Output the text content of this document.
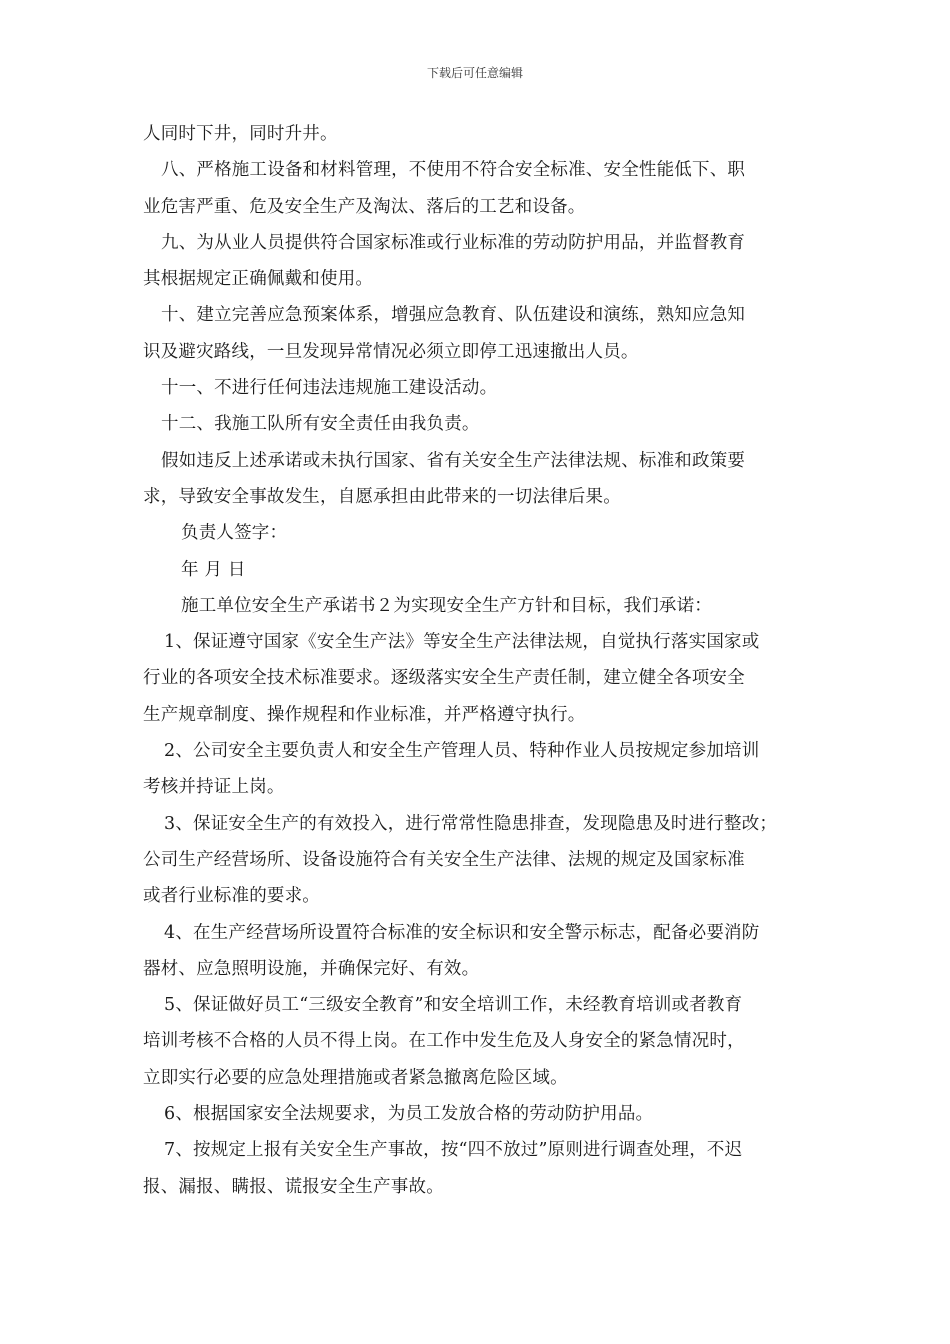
下载后可任意编辑
人同时下井，同时升井。
八、严格施工设备和材料管理，不使用不符合安全标准、安全性能低下、职
业危害严重、危及安全生产及淘汰、落后的工艺和设备。
九、为从业人员提供符合国家标准或行业标准的劳动防护用品，并监督教育
其根据规定正确佩戴和使用。
十、建立完善应急预案体系，增强应急教育、队伍建设和演练，熟知应急知
识及避灾路线，一旦发现异常情况必须立即停工迅速撤出人员。
十一、不进行任何违法违规施工建设活动。
十二、我施工队所有安全责任由我负责。
假如违反上述承诺或未执行国家、省有关安全生产法律法规、标准和政策要
求，导致安全事故发生，自愿承担由此带来的一切法律后果。
负责人签字：
年 月 日
施工单位安全生产承诺书２为实现安全生产方针和目标，我们承诺：
1、保证遵守国家《安全生产法》等安全生产法律法规，自觉执行落实国家或
行业的各项安全技术标准要求。逐级落实安全生产责任制，建立健全各项安全
生产规章制度、操作规程和作业标准，并严格遵守执行。
2、公司安全主要负责人和安全生产管理人员、特种作业人员按规定参加培训
考核并持证上岗。
3、保证安全生产的有效投入，进行常常性隐患排查，发现隐患及时进行整改；
公司生产经营场所、设备设施符合有关安全生产法律、法规的规定及国家标准
或者行业标准的要求。
4、在生产经营场所设置符合标准的安全标识和安全警示标志，配备必要消防
器材、应急照明设施，并确保完好、有效。
5、保证做好员工“三级安全教育”和安全培训工作，未经教育培训或者教育
培训考核不合格的人员不得上岗。在工作中发生危及人身安全的紧急情况时，
立即实行必要的应急处理措施或者紧急撤离危险区域。
6、根据国家安全法规要求，为员工发放合格的劳动防护用品。
7、按规定上报有关安全生产事故，按“四不放过”原则进行调查处理，不迟
报、漏报、瞒报、谎报安全生产事故。
